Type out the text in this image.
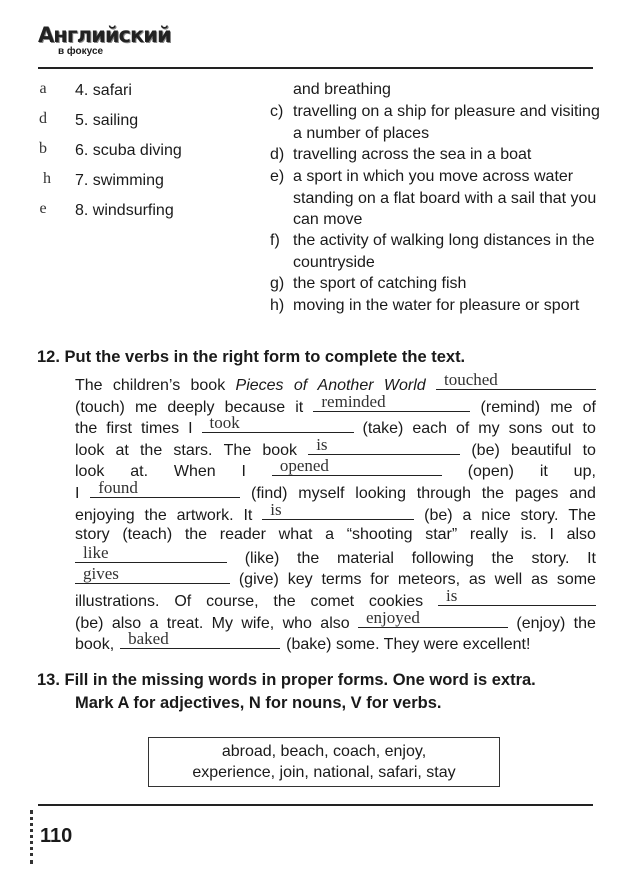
Английский
в фокусе
a	4. safari
d	5. sailing
b	6. scuba diving
h	7. swimming
e	8. windsurfing
and breathing
c) travelling on a ship for pleasure and visiting a number of places
d) travelling across the sea in a boat
e) a sport in which you move across water standing on a flat board with a sail that you can move
f) the activity of walking long distances in the countryside
g) the sport of catching fish
h) moving in the water for pleasure or sport
12. Put the verbs in the right form to complete the text.
The children’s book Pieces of Another World touched
(touch) me deeply because it reminded	(remind) me of
the first times I took	(take) each of my sons out to
look at the stars. The book is	(be) beautiful to
look at. When I opened	(open) it up,
I found	(find) myself looking through the pages and
enjoying the artwork. It is	(be) a nice story. The
story (teach) the reader what a “shooting star” really is. I also
like	(like) the material following the story. It
gives	(give) key terms for meteors, as well as some
illustrations. Of course, the comet cookies is
(be) also a treat. My wife, who also enjoyed	(enjoy) the
book, baked	(bake) some. They were excellent!
13. Fill in the missing words in proper forms. One word is extra.
Mark A for adjectives, N for nouns, V for verbs.
abroad, beach, coach, enjoy,
experience, join, national, safari, stay
110
